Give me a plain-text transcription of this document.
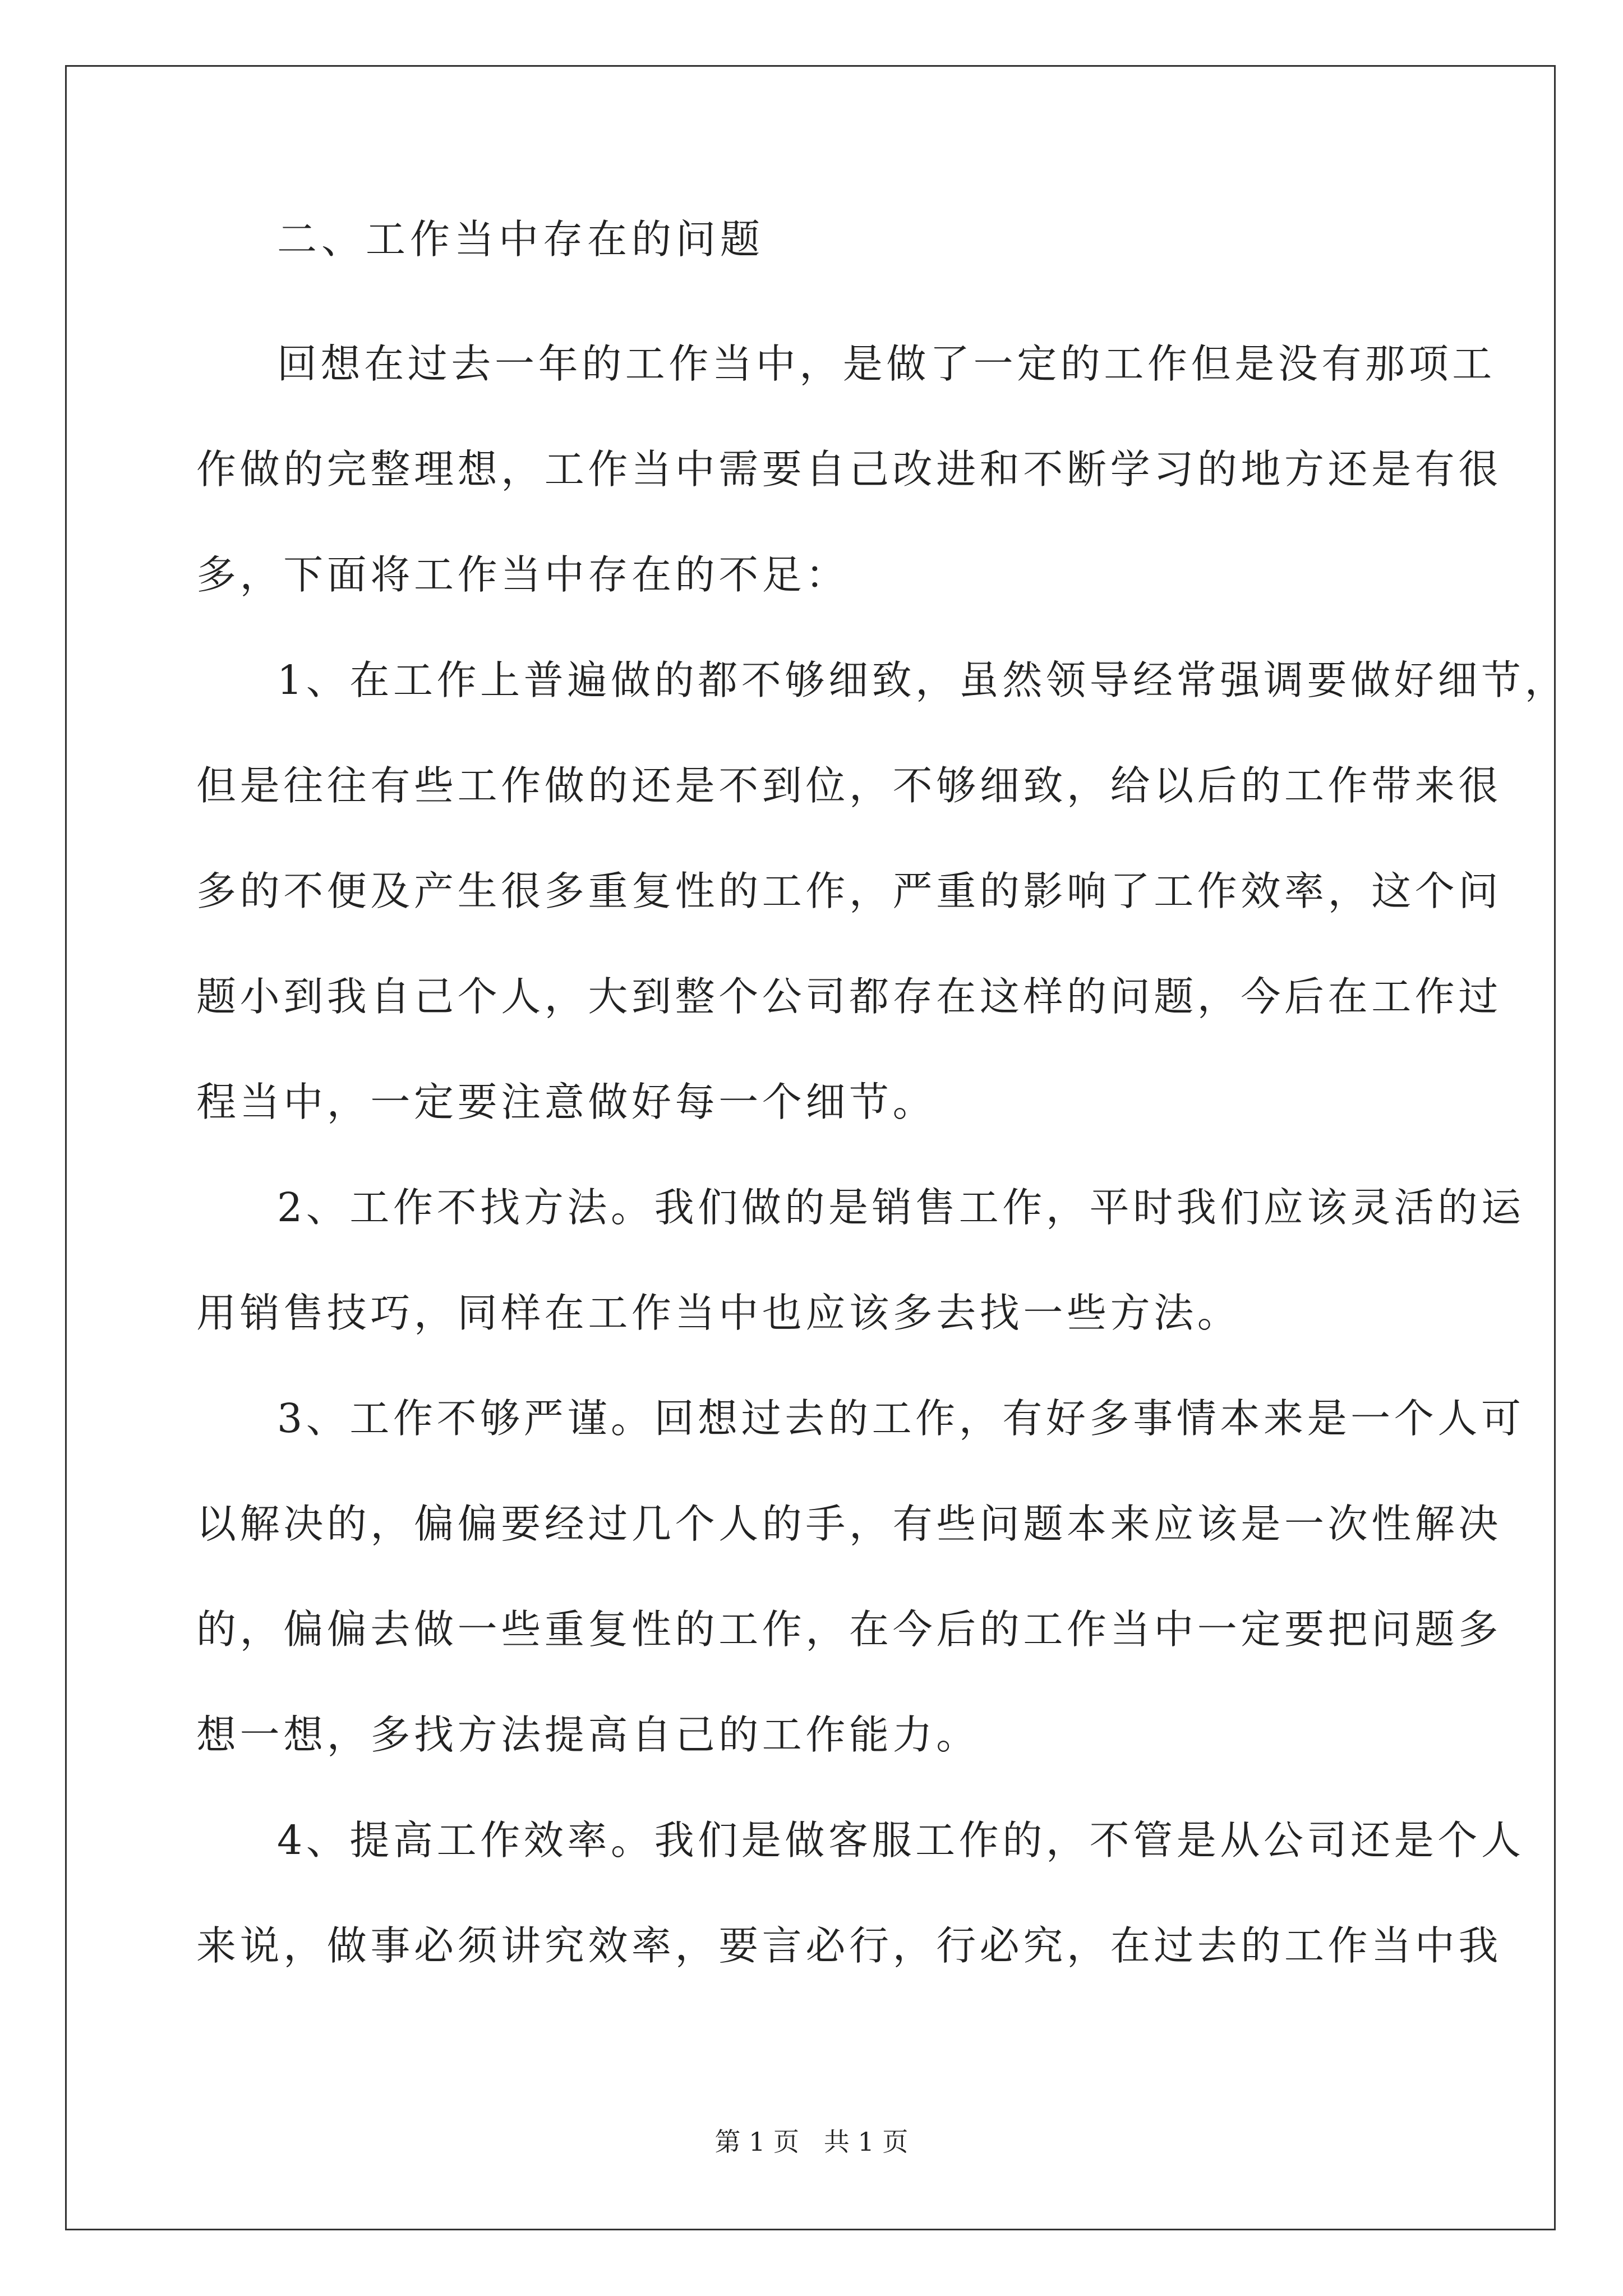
二、工作当中存在的问题
回想在过去一年的工作当中，是做了一定的工作但是没有那项工
作做的完整理想，工作当中需要自己改进和不断学习的地方还是有很
多，下面将工作当中存在的不足：
1、在工作上普遍做的都不够细致，虽然领导经常强调要做好细节，
但是往往有些工作做的还是不到位，不够细致，给以后的工作带来很
多的不便及产生很多重复性的工作，严重的影响了工作效率，这个问
题小到我自己个人，大到整个公司都存在这样的问题，今后在工作过
程当中，一定要注意做好每一个细节。
2、工作不找方法。我们做的是销售工作，平时我们应该灵活的运
用销售技巧，同样在工作当中也应该多去找一些方法。
3、工作不够严谨。回想过去的工作，有好多事情本来是一个人可
以解决的，偏偏要经过几个人的手，有些问题本来应该是一次性解决
的，偏偏去做一些重复性的工作，在今后的工作当中一定要把问题多
想一想，多找方法提高自己的工作能力。
4、提高工作效率。我们是做客服工作的，不管是从公司还是个人
来说，做事必须讲究效率，要言必行，行必究，在过去的工作当中我
第 1 页   共 1 页
